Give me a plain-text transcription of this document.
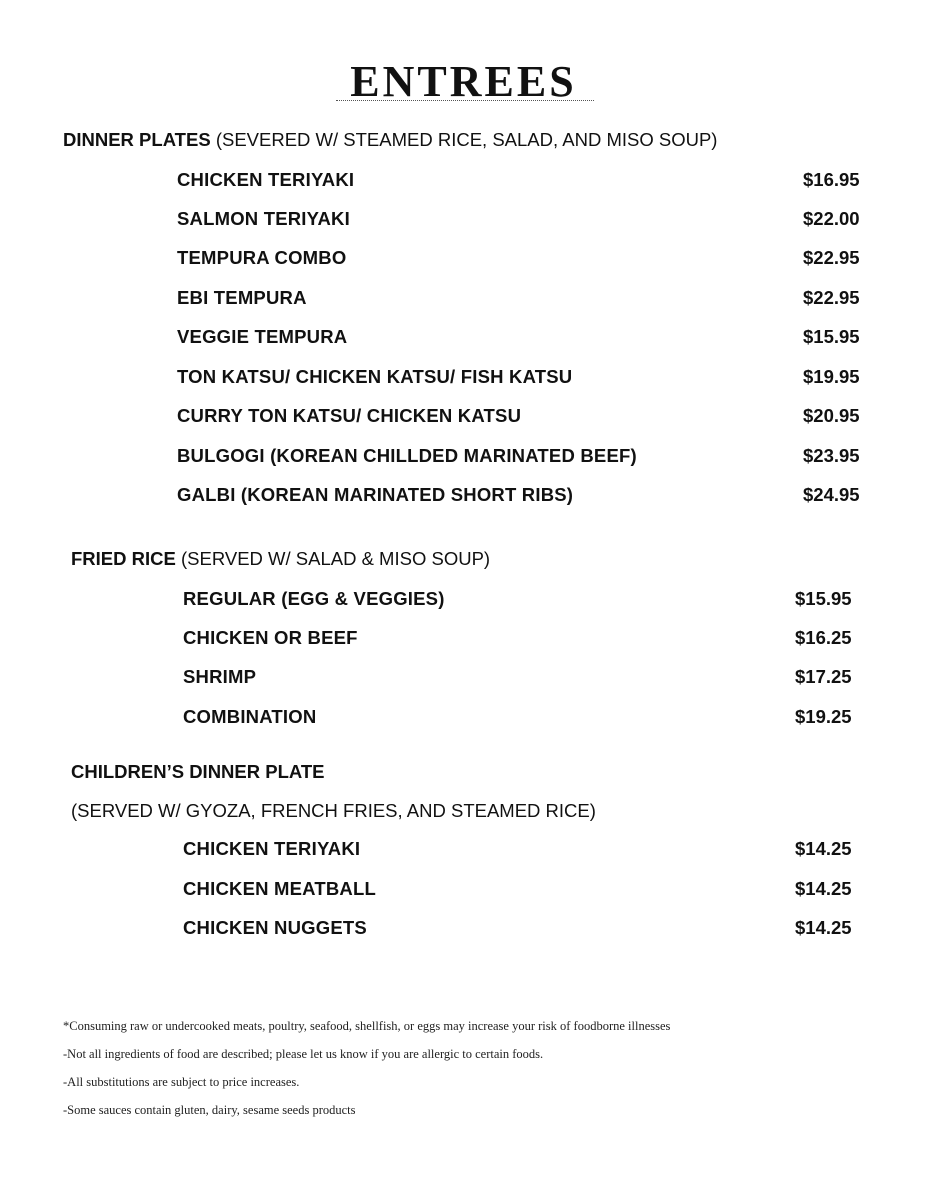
ENTREES
DINNER PLATES (SEVERED W/ STEAMED RICE, SALAD, AND MISO SOUP)
CHICKEN TERIYAKI	$16.95
SALMON TERIYAKI	$22.00
TEMPURA COMBO	$22.95
EBI TEMPURA	$22.95
VEGGIE TEMPURA	$15.95
TON KATSU/ CHICKEN KATSU/ FISH KATSU	$19.95
CURRY TON KATSU/ CHICKEN KATSU	$20.95
BULGOGI (KOREAN CHILLDED MARINATED BEEF)	$23.95
GALBI (KOREAN MARINATED SHORT RIBS)	$24.95
FRIED RICE (SERVED W/ SALAD & MISO SOUP)
REGULAR (EGG & VEGGIES)	$15.95
CHICKEN OR BEEF	$16.25
SHRIMP	$17.25
COMBINATION	$19.25
CHILDREN’S DINNER PLATE
(SERVED W/ GYOZA, FRENCH FRIES, AND STEAMED RICE)
CHICKEN TERIYAKI	$14.25
CHICKEN MEATBALL	$14.25
CHICKEN NUGGETS	$14.25
*Consuming raw or undercooked meats, poultry, seafood, shellfish, or eggs may increase your risk of foodborne illnesses
-Not all ingredients of food are described; please let us know if you are allergic to certain foods.
-All substitutions are subject to price increases.
-Some sauces contain gluten, dairy, sesame seeds products
